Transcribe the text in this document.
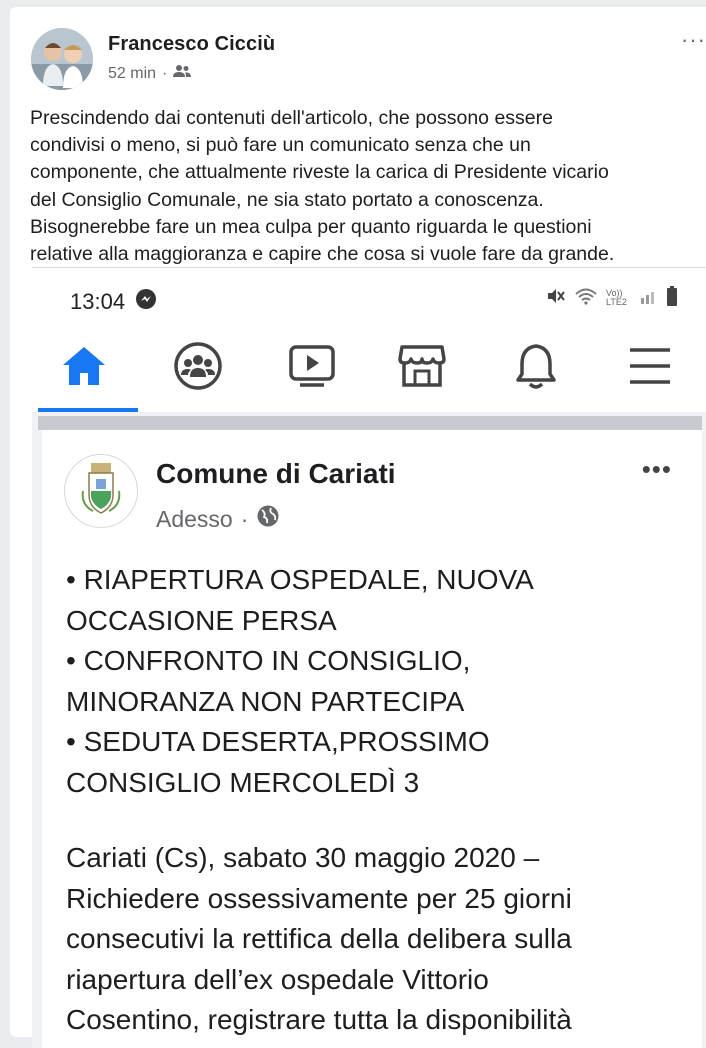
Francesco Cicciù
52 min ·
···
Prescindendo dai contenuti dell'articolo, che possono essere
condivisi o meno, si può fare un comunicato senza che un
componente, che attualmente riveste la carica di Presidente vicario
del Consiglio Comunale, ne sia stato portato a conoscenza.
Bisognerebbe fare un mea culpa per quanto riguarda le questioni
relative alla maggioranza e capire che cosa si vuole fare da grande.
13:04	Vo)) LTE2
Comune di Cariati
Adesso ·
•••
• RIAPERTURA OSPEDALE, NUOVA
OCCASIONE PERSA
• CONFRONTO IN CONSIGLIO,
MINORANZA NON PARTECIPA
• SEDUTA DESERTA,PROSSIMO
CONSIGLIO MERCOLEDÌ 3
Cariati (Cs), sabato 30 maggio 2020 –
Richiedere ossessivamente per 25 giorni
consecutivi la rettifica della delibera sulla
riapertura dell’ex ospedale Vittorio
Cosentino, registrare tutta la disponibilità
